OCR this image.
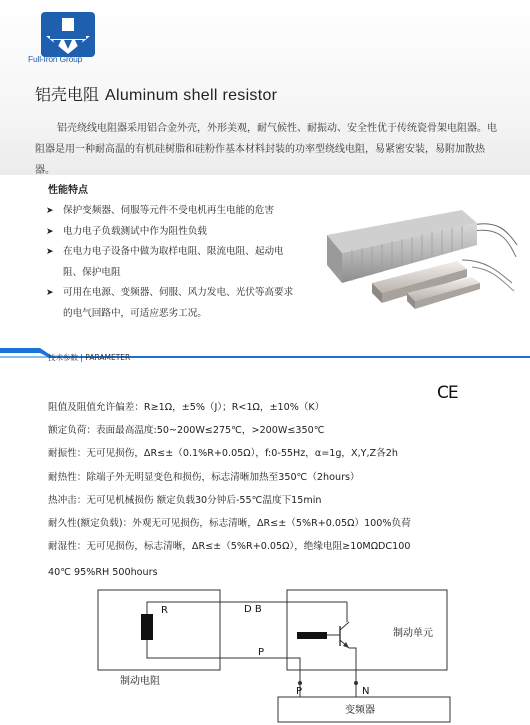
Full-Iron Group
铝壳电阻 Aluminum shell resistor
铝壳绕线电阻器采用铝合金外壳，外形美观，耐气候性、耐振动、安全性优于传统瓷骨架电阻器。电阻器是用一种耐高温的有机硅树脂和硅粉作基本材料封装的功率型绕线电阻，易紧密安装，易附加散热器。
性能特点
➤ 保护变频器、伺服等元件不受电机再生电能的危害
➤ 电力电子负载测试中作为阻性负载
➤ 在电力电子设备中做为取样电阻、限流电阻、起动电阻、保护电阻
➤ 可用在电源、变频器、伺服、风力发电、光伏等高要求的电气回路中，可适应恶劣工况。
技术参数 | PARAMETER
CE
阻值及阻值允许偏差：R≥1Ω，±5%（J）；R<1Ω，±10%（K）
额定负荷：表面最高温度:50~200W≤275℃，>200W≤350℃
耐振性：无可见损伤，ΔR≤±（0.1%R+0.05Ω），f:0-55Hz，α=1g，X,Y,Z各2h
耐热性：除端子外无明显变色和损伤，标志清晰加热至350℃（2hours）
热冲击：无可见机械损伤 额定负载30分钟后-55℃温度下15min
耐久性(额定负载)：外观无可见损伤，标志清晰，ΔR≤±（5%R+0.05Ω）100%负荷
耐湿性：无可见损伤，标志清晰，ΔR≤±（5%R+0.05Ω），绝缘电阻≥10MΩDC100
40℃ 95%RH 500hours
R	D B
P
P	N
制动单元
制动电阻
变频器
